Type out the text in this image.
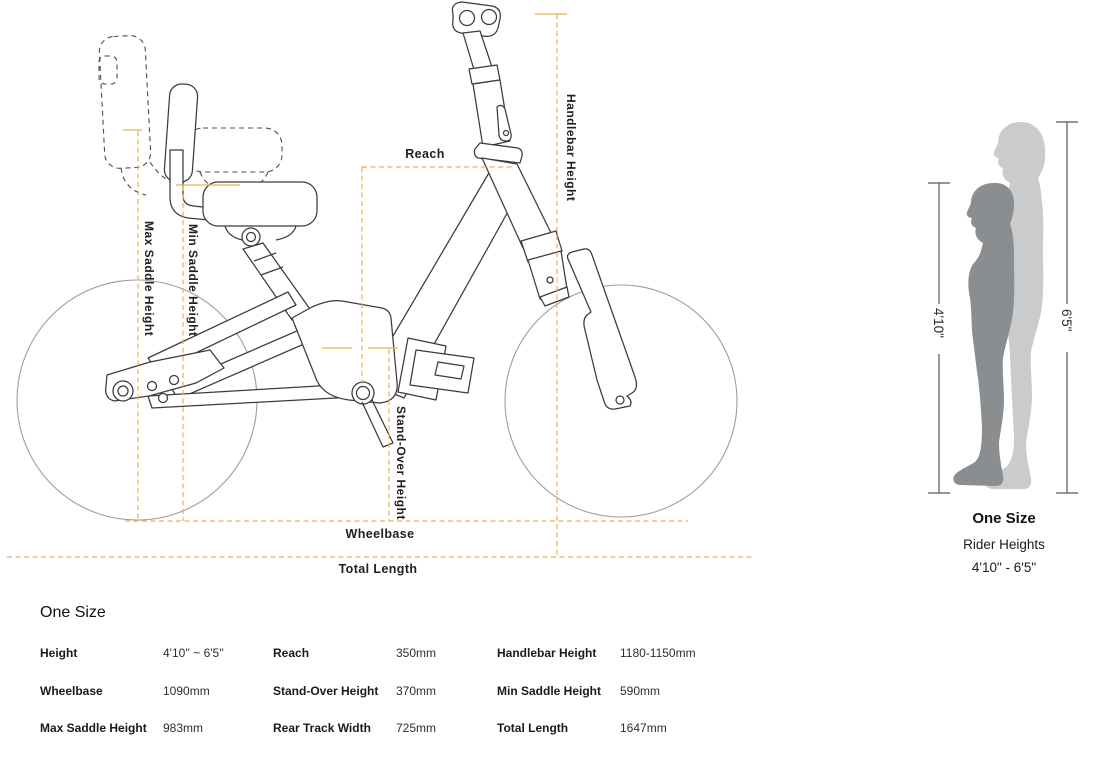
Reach	Handlebar Height
Max Saddle Height	Min Saddle Height
Stand-Over Height
Wheelbase
Total Length
4'10"	6'5"
One Size
Rider Heights
4'10" - 6'5"
One Size
Height	4'10'' ~ 6'5''	Reach	350mm	Handlebar Height	1180-1150mm
Wheelbase	1090mm	Stand-Over Height	370mm	Min Saddle Height	590mm
Max Saddle Height	983mm	Rear Track Width	725mm	Total Length	1647mm
